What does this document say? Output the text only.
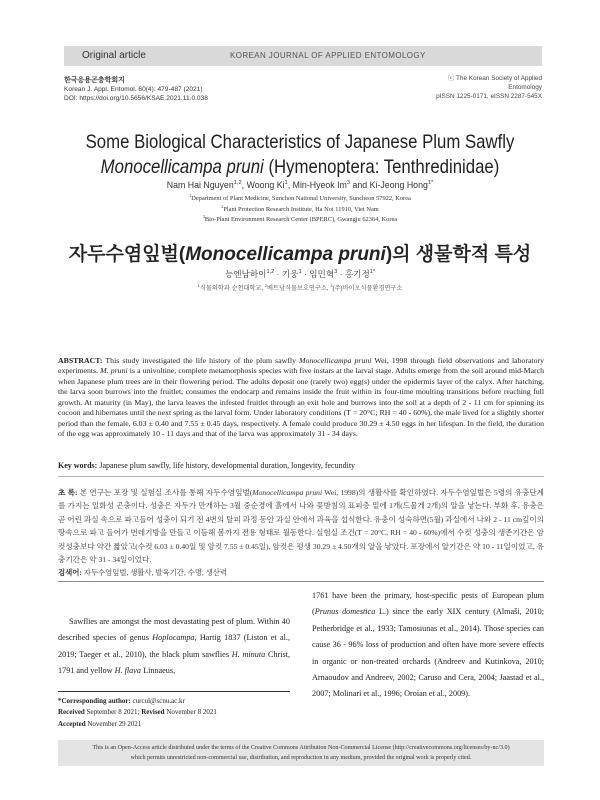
Original article	KOREAN JOURNAL OF APPLIED ENTOMOLOGY
한국응용곤충학회지
Korean J. Appl. Entomol. 60(4): 479-487 (2021)
DOI: https://doi.org/10.5656/KSAE.2021.11.0.038
ⓒ The Korean Society of Applied Entomology
pISSN 1225-0171, eISSN 2287-545X
Some Biological Characteristics of Japanese Plum Sawfly Monocellicampa pruni (Hymenoptera: Tenthredinidae)
Nam Hai Nguyen$^{1,2}$, Woong Ki$^1$, Min-Hyeok Im$^3$ and Ki-Jeong Hong$^{1*}$
$^1$Department of Plant Medicine, Sunchon National University, Suncheon 57922, Korea
$^2$Plant Protection Research Institute, Ha Noi 11910, Viet Nam
$^3$Bio-Plant Environment Research Center (BPERC), Gwangju 62364, Korea
자두수염잎벌(Monocellicampa pruni)의 생물학적 특성
능엔남하이$^{1,2}$ · 기웅$^1$ · 임민혁$^3$ · 홍기정$^{1*}$
$^1$식물의학과 순천대학교, $^2$베트남식물보호연구소, $^3$(주)바이오식물환경연구소
ABSTRACT: This study investigated the life history of the plum sawfly Monocellicampa pruni Wei, 1998 through field observations and laboratory experiments. M. pruni is a univoltine, complete metamorphosis species with five instars at the larval stage. Adults emerge from the soil around mid-March when Japanese plum trees are in their flowering period. The adults deposit one (rarely two) egg(s) under the epidermis layer of the calyx. After hatching, the larva soon burrows into the fruitlet, consumes the endocarp and remains inside the fruit within its four-time moulting transitions before reaching full growth. At maturity (in May), the larva leaves the infested fruitlet through an exit hole and burrows into the soil at a depth of 2 - 11 cm for spinning its cocoon and hibernates until the next spring as the larval form. Under laboratory conditions (T = 20°C; RH = 40 - 60%), the male lived for a slightly shorter period than the female, 6.03 ± 0.40 and 7.55 ± 0.45 days, respectively. A female could produce 30.29 ± 4.50 eggs in her lifespan. In the field, the duration of the egg was approximately 10 - 11 days and that of the larva was approximately 31 - 34 days.
Key words: Japanese plum sawfly, life history, developmental duration, longevity, fecundity
초 록: 본 연구는 포장 및 실험실 조사를 통해 자두수염잎벌(Monocellicampa pruni Wei, 1998)의 생활사를 확인하였다. 자두수염잎벌은 5령의 유충단계를 가지는 일화성 곤충이다. 성충은 자두가 만개하는 3월 중순경에 흙에서 나와 꽃받침의 표피층 밑에 1개(드물게 2개)의 알을 낳는다. 부화 후, 유충은 곧 어린 과실 속으로 파고들어 성충이 되기 전 4번의 탈피 과정 동안 과실 안에서 과육을 섭식한다. 유충이 성숙하면(5월) 과실에서 나와 2 - 11 cm깊이의 땅속으로 파고 들어가 번데기방을 만들고 이듬해 봄까지 전용 형태로 월동한다. 실험실 조건(T = 20°C, RH = 40 - 60%)에서 수컷 성충의 생존기간은 암컷성충보다 약간 짧았고(수컷 6.03 ± 0.40일 및 암컷 7.55 ± 0.45일), 암컷은 평생 30.29 ± 4.50개의 알을 낳았다. 포장에서 알기간은 약 10 - 11일이었고, 유충기간은 약 31 - 34일이었다.
검색어: 자두수염잎벌, 생활사, 발육기간, 수명, 생산력
Sawflies are amongst the most devastating pest of plum. Within 40 described species of genus Hoplocampa, Hartig 1837 (Liston et al., 2019; Taeger et al., 2010), the black plum sawflies H. minuta Christ, 1791 and yellow H. flava Linnaeus,
1761 have been the primary, host-specific pests of European plum (Prunus domestica L.) since the early XIX century (Almaši, 2010; Petherbridge et al., 1933; Tamosiunas et al., 2014). Those species can cause 36 - 96% loss of production and often have more severe effects in organic or non-treated orchards (Andreev and Kutinkova, 2010; Arnaoudov and Andreev, 2002; Caruso and Cera, 2004; Jaastad et al., 2007; Molinari et al., 1996; Oroian et al., 2009).
*Corresponding author: curcul@scnu.ac.kr
Received September 8 2021; Revised November 8 2021
Accepted November 29 2021
This is an Open-Access article distributed under the terms of the Creative Commons Attribution Non-Commercial License (http://creativecommons.org/licenses/by-nc/3.0)
which permits unrestricted non-commercial use, distribution, and reproduction in any medium, provided the original work is properly cited.
